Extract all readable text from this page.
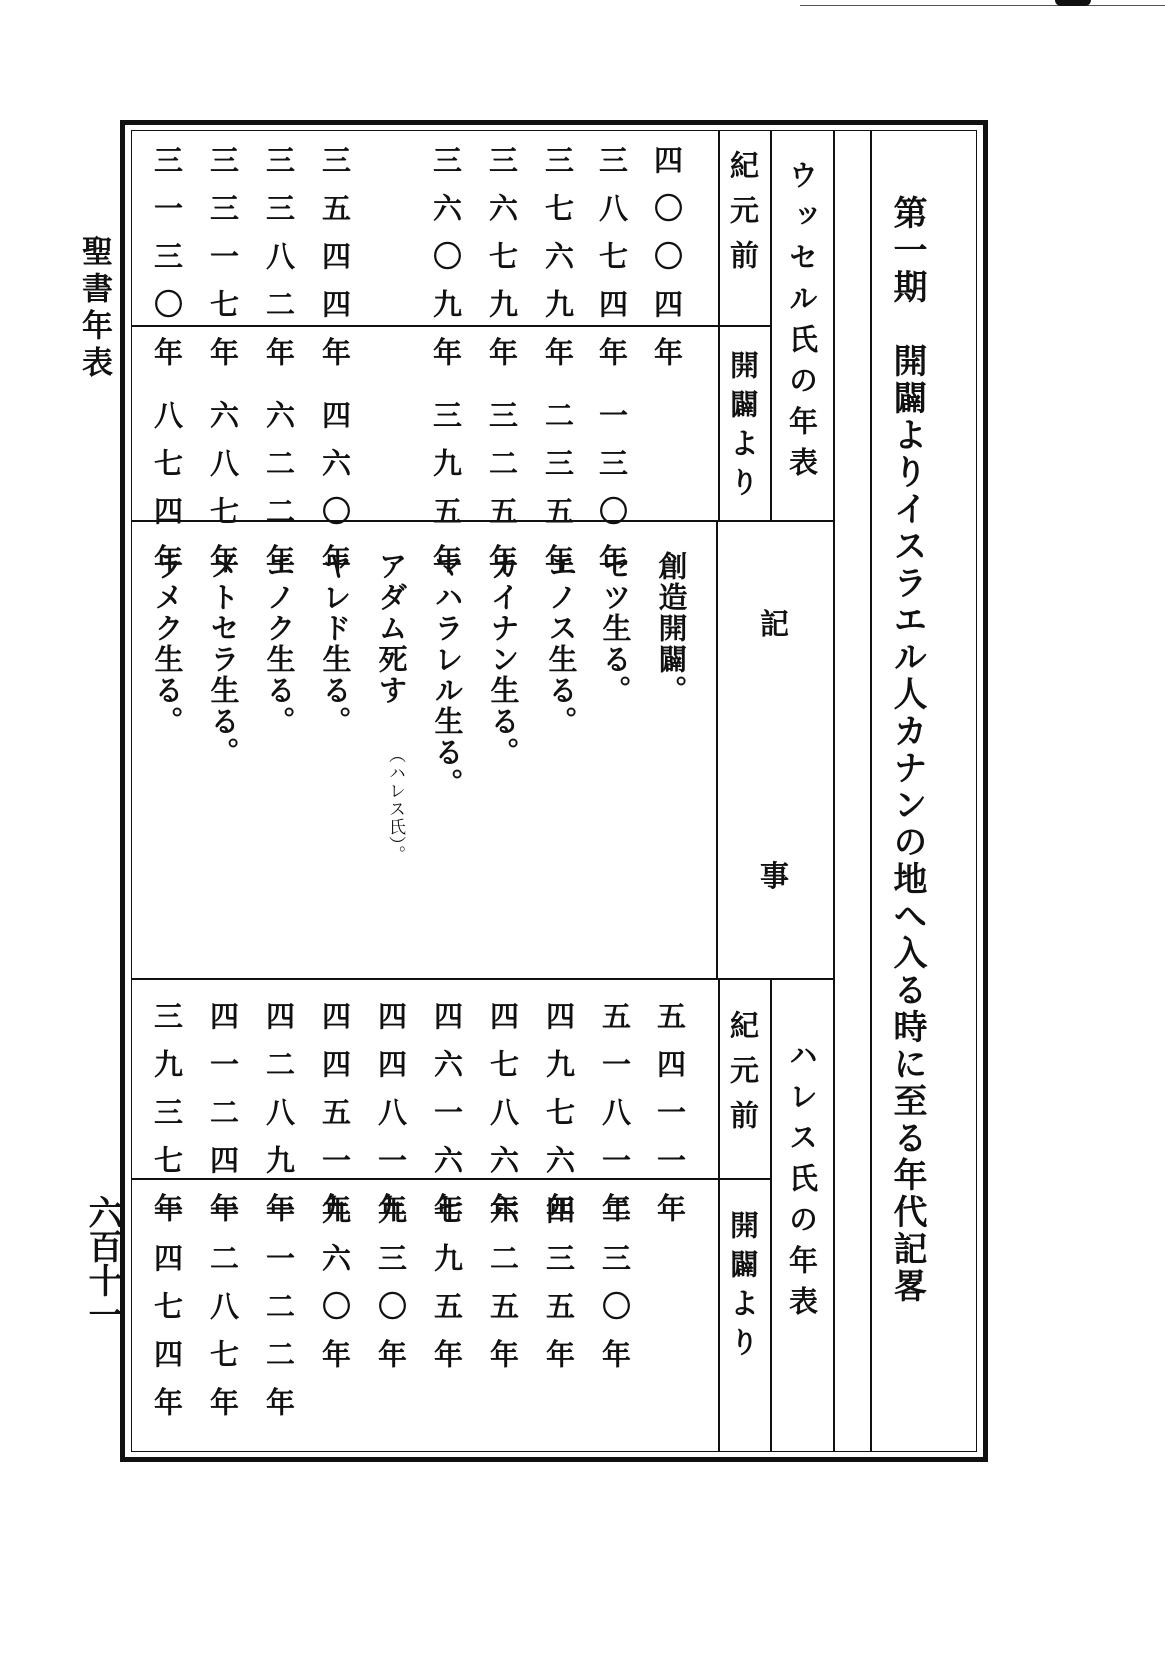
聖書年表
六百十一	第一期　開闢よりイスラエル人カナンの地へ入る時に至る年代記畧
ウッセル氏の年表
紀元前
開闢より
四〇〇四年
三八七四年
三七六九年
三六七九年
三六〇九年
三五四四年
三三八二年
三三一七年
三一三〇年
一三〇年
二三五年
三二五年
三九五年
四六〇年
六二二年
六八七年
八七四年
記
事
創造開闢。
セツ生る。
エノス生る。
カイナン生る。
マハラレル生る。
アダム死す
ヤレド生る。
エノク生る。
メトセラ生る。
ラメク生る。
（ハレス氏）。
ハレス氏の年表
紀元前
開闢より
五四一一年
五一八一年
四九七六年
四七八六年
四六一六年
四四八一年
四四五一年
四二八九年
四一二四年
三九三七年
二三〇年
四三五年
六二五年
七九五年
九三〇年
九六〇年
一一二二年
一二八七年
一四七四年
